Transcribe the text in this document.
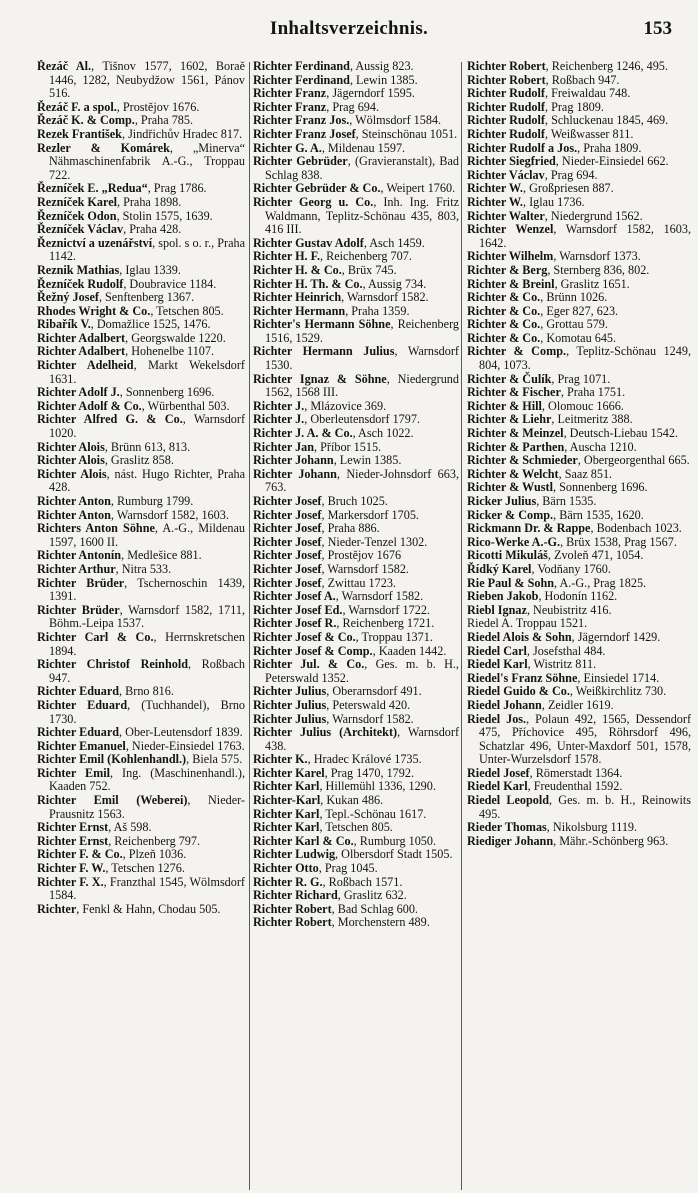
Inhaltsverzeichnis.	153

Řezáč Al., Tišnov 1577, 1602, Boraě 1446, 1282, Neubydžow 1561, Pánov 516.

Řezáč F. a spol., Prostějov 1676.

Řezáč K. & Comp., Praha 785.

Rezek František, Jindřichův Hradec 817.

Rezler & Komárek, „Minerva“ Nähmaschinenfabrik A.-G., Troppau 722.

Řezníček E. „Reduа“, Prag 1786.

Rezníček Karel, Praha 1898.

Řezníček Odon, Stolin 1575, 1639.

Řezníček Václav, Praha 428.

Řeznictví a uzenářství, spol. s o. r., Praha 1142.

Reznik Mathias, Iglau 1339.

Řezníček Rudolf, Doubravice 1184.

Řežný Josef, Senftenberg 1367.

Rhodes Wright & Co., Tetschen 805.

Ribařík V., Domažlice 1525, 1476.

Richter Adalbert, Georgswalde 1220.

Richter Adalbert, Hohenelbe 1107.

Richter Adelheid, Markt Wekelsdorf 1631.

Richter Adolf J., Sonnenberg 1696.

Richter Adolf & Co., Würbenthal 503.

Richter Alfred G. & Co., Warnsdorf 1020.

Richter Alois, Brünn 613, 813.

Richter Alois, Graslitz 858.

Richter Alois, nást. Hugo Richter, Praha 428.

Richter Anton, Rumburg 1799.

Richter Anton, Warnsdorf 1582, 1603.

Richters Anton Söhne, A.-G., Mildenau 1597, 1600 II.

Richter Antonín, Medlešice 881.

Richter Arthur, Nitra 533.

Richter Brüder, Tschernoschin 1439, 1391.

Richter Brüder, Warnsdorf 1582, 1711, Böhm.-Leipa 1537.

Richter Carl & Co., Herrnskretschen 1894.

Richter Christof Reinhold, Roßbach 947.

Richter Eduard, Brno 816.

Richter Eduard, (Tuchhandel), Brno 1730.

Richter Eduard, Ober-Leutensdorf 1839.

Richter Emanuel, Nieder-Einsiedel 1763.

Richter Emil (Kohlenhandl.), Biela 575.

Richter Emil, Ing. (Maschinenhandl.), Kaaden 752.

Richter Emil (Weberei), Nieder-Prausnitz 1563.

Richter Ernst, Aš 598.

Richter Ernst, Reichenberg 797.

Richter F. & Co., Plzeň 1036.

Richter F. W., Tetschen 1276.

Richter F. X., Franzthal 1545, Wölmsdorf 1584.

Richter, Fenkl & Hahn, Chodau 505.

Richter Ferdinand, Aussig 823.

Richter Ferdinand, Lewin 1385.

Richter Franz, Jägerndorf 1595.

Richter Franz, Prag 694.

Richter Franz Jos., Wölmsdorf 1584.

Richter Franz Josef, Steinschönau 1051.

Richter G. A., Mildenau 1597.

Richter Gebrüder, (Gravieranstalt), Bad Schlag 838.

Richter Gebrüder & Co., Weipert 1760.

Richter Georg u. Co., Inh. Ing. Fritz Waldmann, Teplitz-Schönau 435, 803, 416 III.

Richter Gustav Adolf, Asch 1459.

Richter H. F., Reichenberg 707.

Richter H. & Co., Brüx 745.

Richter H. Th. & Co., Aussig 734.

Richter Heinrich, Warnsdorf 1582.

Richter Hermann, Praha 1359.

Richter's Hermann Söhne, Reichenberg 1516, 1529.

Richter Hermann Julius, Warnsdorf 1530.

Richter Ignaz & Söhne, Niedergrund 1562, 1568 III.

Richter J., Mlázovice 369.

Richter J., Oberleutensdorf 1797.

Richter J. A. & Co., Asch 1022.

Richter Jan, Příbor 1515.

Richter Johann, Lewin 1385.

Richter Johann, Nieder-Johnsdorf 663, 763.

Richter Josef, Bruch 1025.

Richter Josef, Markersdorf 1705.

Richter Josef, Praha 886.

Richter Josef, Nieder-Tenzel 1302.

Richter Josef, Prostějov 1676

Richter Josef, Warnsdorf 1582.

Richter Josef, Zwittau 1723.

Richter Josef A., Warnsdorf 1582.

Richter Josef Ed., Warnsdorf 1722.

Richter Josef R., Reichenberg 1721.

Richter Josef & Co., Troppau 1371.

Richter Josef & Comp., Kaaden 1442.

Richter Jul. & Co., Ges. m. b. H., Peterswald 1352.

Richter Julius, Oberarnsdorf 491.

Richter Julius, Peterswald 420.

Richter Julius, Warnsdorf 1582.

Richter Julius (Architekt), Warnsdorf 438.

Richter K., Hradec Králové 1735.

Richter Karel, Prag 1470, 1792.

Richter Karl, Hillemühl 1336, 1290.

Richter-Karl, Kukan 486.

Richter Karl, Tepl.-Schönau 1617.

Richter Karl, Tetschen 805.

Richter Karl & Co., Rumburg 1050.

Richter Ludwig, Olbersdorf Stadt 1505.

Richter Otto, Prag 1045.

Richter R. G., Roßbach 1571.

Richter Richard, Graslitz 632.

Richter Robert, Bad Schlag 600.

Richter Robert, Morchenstern 489.

Richter Robert, Reichenberg 1246, 495.

Richter Robert, Roßbach 947.

Richter Rudolf, Freiwaldau 748.

Richter Rudolf, Prag 1809.

Richter Rudolf, Schluckenau 1845, 469.

Richter Rudolf, Weißwasser 811.

Richter Rudolf a Jos., Praha 1809.

Richter Siegfried, Nieder-Einsiedel 662.

Richter Václav, Prag 694.

Richter W., Großpriesen 887.

Richter W., Iglau 1736.

Richter Walter, Niedergrund 1562.

Richter Wenzel, Warnsdorf 1582, 1603, 1642.

Richter Wilhelm, Warnsdorf 1373.

Richter & Berg, Sternberg 836, 802.

Richter & Breinl, Graslitz 1651.

Richter & Co., Brünn 1026.

Richter & Co., Eger 827, 623.

Richter & Co., Grottau 579.

Richter & Co., Komotau 645.

Richter & Comp., Teplitz-Schönau 1249, 804, 1073.

Richter & Čulík, Prag 1071.

Richter & Fischer, Praha 1751.

Richter & Hill, Olomouc 1666.

Richter & Liehr, Leitmeritz 388.

Richter & Meinzel, Deutsch-Liebau 1542.

Richter & Parthen, Auscha 1210.

Richter & Schmieder, Obergeorgenthal 665.

Richter & Welcht, Saaz 851.

Richter & Wustl, Sonnenberg 1696.

Ricker Julius, Bärn 1535.

Ricker & Comp., Bärn 1535, 1620.

Rickmann Dr. & Rappe, Bodenbach 1023.

Rico-Werke A.-G., Brüx 1538, Prag 1567.

Ricotti Mikuláš, Zvoleň 471, 1054.

Řídký Karel, Vodňany 1760.

Rie Paul & Sohn, A.-G., Prag 1825.

Rieben Jakob, Hodonín 1162.

Riebl Ignaz, Neubistritz 416.

Riedel A. Troppau 1521.

Riedel Alois & Sohn, Jägerndorf 1429.

Riedel Carl, Josefsthal 484.

Riedel Karl, Wistritz 811.

Riedel's Franz Söhne, Einsiedel 1714.

Riedel Guido & Co., Weißkirchlitz 730.

Riedel Johann, Zeidler 1619.

Riedel Jos., Polaun 492, 1565, Dessendorf 475, Příchovice 495, Röhrsdorf 496, Schatzlar 496, Unter-Maxdorf 501, 1578, Unter-Wurzelsdorf 1578.

Riedel Josef, Römerstadt 1364.

Riedel Karl, Freudenthal 1592.

Riedel Leopold, Ges. m. b. H., Reinowits 495.

Rieder Thomas, Nikolsburg 1119.

Riediger Johann, Mähr.-Schönberg 963.
